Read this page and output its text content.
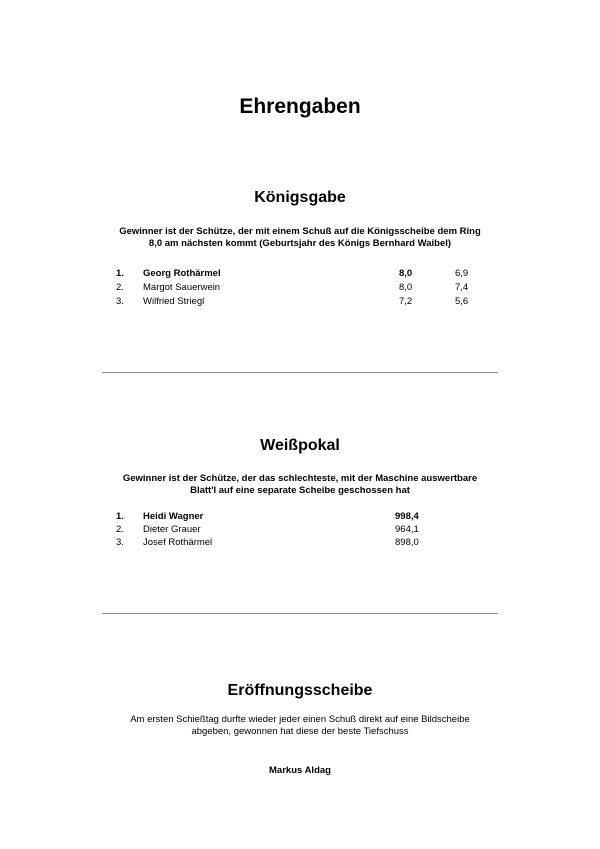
Ehrengaben
Königsgabe
Gewinner ist der Schütze, der mit einem Schuß auf die Königsscheibe dem Ring
8,0 am nächsten kommt (Geburtsjahr des Königs Bernhard Waibel)
1. Georg Rothärmel	8,0	6,9
2. Margot Sauerwein	8,0	7,4
3. Wilfried Striegl	7,2	5,6
Weißpokal
Gewinner ist der Schütze, der das schlechteste, mit der Maschine auswertbare
Blatt'l auf eine separate Scheibe geschossen hat
1. Heidi Wagner	998,4
2. Dieter Grauer	964,1
3. Josef Rothärmel	898,0
Eröffnungsscheibe
Am ersten Schießtag durfte wieder jeder einen Schuß direkt auf eine Bildscheibe
abgeben, gewonnen hat diese der beste Tiefschuss
Markus Aldag
